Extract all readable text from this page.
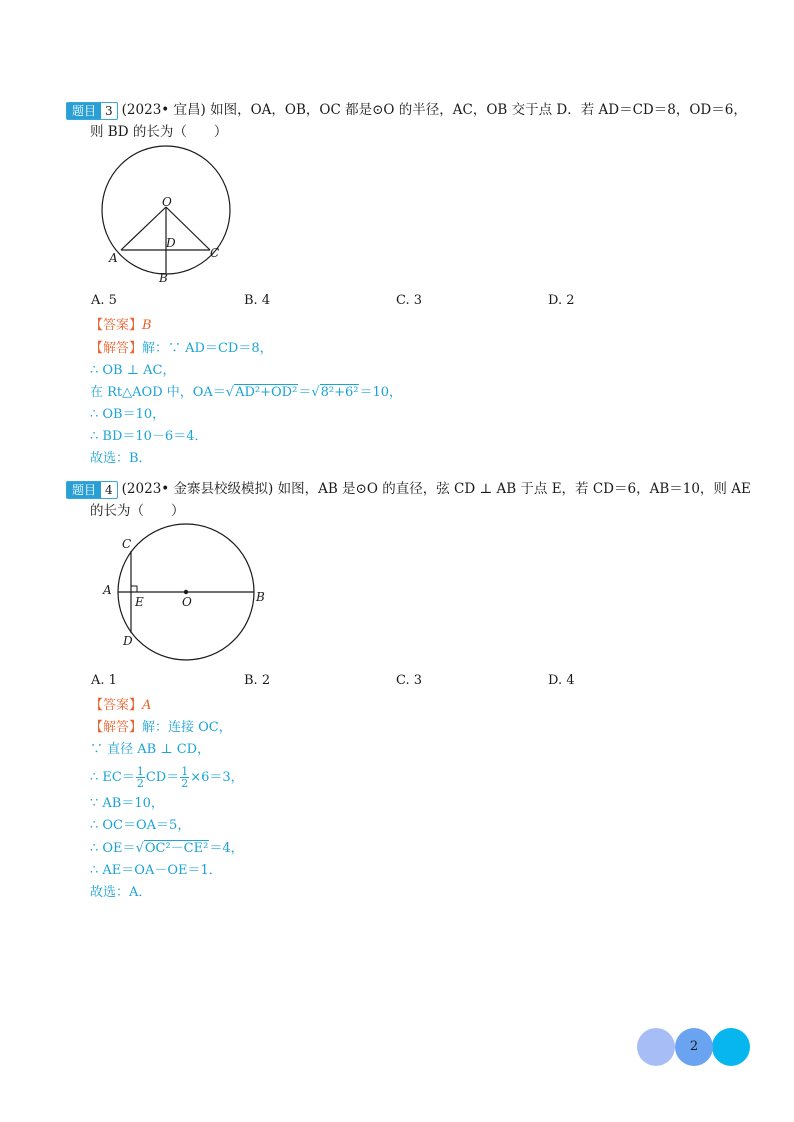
题目 3 (2023• 宜昌) 如图，OA，OB，OC 都是⊙O 的半径，AC，OB 交于点 D．若 AD＝CD＝8，OD＝6，
则 BD 的长为（　　）
O
D
A	C
B
A. 5	B. 4	C. 3	D. 2
【答案】B
【解答】解：∵ AD＝CD＝8，
∴ OB ⊥ AC，
在 Rt△AOD 中，OA＝√AD²+OD²＝√8²+6²＝10，
∴ OB＝10，
∴ BD＝10－6＝4．
故选：B．
题目 4 (2023• 金寨县校级模拟) 如图，AB 是⊙O 的直径，弦 CD ⊥ AB 于点 E，若 CD＝6，AB＝10，则 AE
的长为（　　）
C
A
E	O	B
D
A. 1	B. 2	C. 3	D. 4
【答案】A
【解答】解：连接 OC，
∵ 直径 AB ⊥ CD，
∴ $EC= \frac{1}{2} CD= \frac{1}{2} \times 6=3$，
∵ AB＝10，
∴ OC＝OA＝5，
∴ OE＝√OC²－CE²＝4，
∴ AE＝OA－OE＝1．
故选：A．
2
